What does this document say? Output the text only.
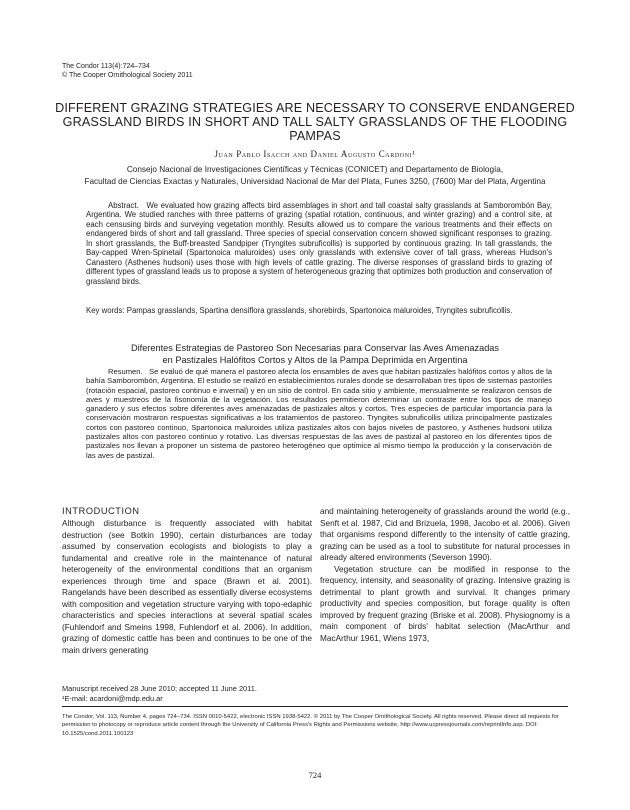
The Condor 113(4):724–734
© The Cooper Ornithological Society 2011
DIFFERENT GRAZING STRATEGIES ARE NECESSARY TO CONSERVE ENDANGERED GRASSLAND BIRDS IN SHORT AND TALL SALTY GRASSLANDS OF THE FLOODING PAMPAS
Juan Pablo Isacch and Daniel Augusto Cardoni¹
Consejo Nacional de Investigaciones Científicas y Técnicas (CONICET) and Departamento de Biología,
Facultad de Ciencias Exactas y Naturales, Universidad Nacional de Mar del Plata, Funes 3250, (7600) Mar del Plata, Argentina
Abstract. We evaluated how grazing affects bird assemblages in short and tall coastal salty grasslands at Samborombón Bay, Argentina. We studied ranches with three patterns of grazing (spatial rotation, continuous, and winter grazing) and a control site, at each censusing birds and surveying vegetation monthly. Results allowed us to compare the various treatments and their effects on endangered birds of short and tall grassland. Three species of special conservation concern showed significant responses to grazing. In short grasslands, the Buff-breasted Sandpiper (Tryngites subruficollis) is supported by continuous grazing. In tall grasslands, the Bay-capped Wren-Spinetail (Spartonoica maluroides) uses only grasslands with extensive cover of tall grass, whereas Hudson's Canastero (Asthenes hudsoni) uses those with high levels of cattle grazing. The diverse responses of grassland birds to grazing of different types of grassland leads us to propose a system of heterogeneous grazing that optimizes both production and conservation of grassland birds.
Key words: Pampas grasslands, Spartina densiflora grasslands, shorebirds, Spartonoica maluroides, Tryngites subruficollis.
Diferentes Estrategias de Pastoreo Son Necesarias para Conservar las Aves Amenazadas
en Pastizales Halófitos Cortos y Altos de la Pampa Deprimida en Argentina
Resumen. Se evaluó de qué manera el pastoreo afecta los ensambles de aves que habitan pastizales halófitos cortos y altos de la bahía Samborombón, Argentina. El estudio se realizó en establecimientos rurales donde se desarrollaban tres tipos de sistemas pastoriles (rotación espacial, pastoreo continuo e invernal) y en un sitio de control. En cada sitio y ambiente, mensualmente se realizaron censos de aves y muestreos de la fisonomía de la vegetación. Los resultados permitieron determinar un contraste entre los tipos de manejo ganadero y sus efectos sobre diferentes aves amenazadas de pastizales altos y cortos. Tres especies de particular importancia para la conservación mostraron respuestas significativas a los tratamientos de pastoreo. Tryngites subruficollis utiliza principalmente pastizales cortos con pastoreo continuo, Spartonoica maluroides utiliza pastizales altos con bajos niveles de pastoreo, y Asthenes hudsoni utiliza pastizales altos con pastoreo continuo y rotativo. Las diversas respuestas de las aves de pastizal al pastoreo en los diferentes tipos de pastizales nos llevan a proponer un sistema de pastoreo heterogéneo que optimice al mismo tiempo la producción y la conservación de las aves de pastizal.
INTRODUCTION
Although disturbance is frequently associated with habitat destruction (see Botkin 1990), certain disturbances are today assumed by conservation ecologists and biologists to play a fundamental and creative role in the maintenance of natural heterogeneity of the environmental conditions that an organism experiences through time and space (Brawn et al. 2001). Rangelands have been described as essentially diverse ecosystems with composition and vegetation structure varying with topo-edaphic characteristics and species interactions at several spatial scales (Fuhlendorf and Smeins 1998, Fuhlendorf et al. 2006). In addition, grazing of domestic cattle has been and continues to be one of the main drivers generating

and maintaining heterogeneity of grasslands around the world (e.g., Senft et al. 1987, Cid and Brizuela, 1998, Jacobo et al. 2006). Given that organisms respond differently to the intensity of cattle grazing, grazing can be used as a tool to substitute for natural processes in already altered environments (Severson 1990).

Vegetation structure can be modified in response to the frequency, intensity, and seasonality of grazing. Intensive grazing is detrimental to plant growth and survival. It changes primary productivity and species composition, but forage quality is often improved by frequent grazing (Briske et al. 2008). Physiognomy is a main component of birds' habitat selection (MacArthur and MacArthur 1961, Wiens 1973,

Manuscript received 28 June 2010; accepted 11 June 2011.
¹E-mail: acardoni@mdp.edu.ar
The Condor, Vol. 113, Number 4, pages 724–734. ISSN 0010-5422, electronic ISSN 1938-5422. © 2011 by The Cooper Ornithological Society. All rights reserved. Please direct all requests for permission to photocopy or reproduce article content through the University of California Press's Rights and Permissions website, http://www.ucpressjournals.com/reprintInfo.asp. DOI: 10.1525/cond.2011.100123
724
